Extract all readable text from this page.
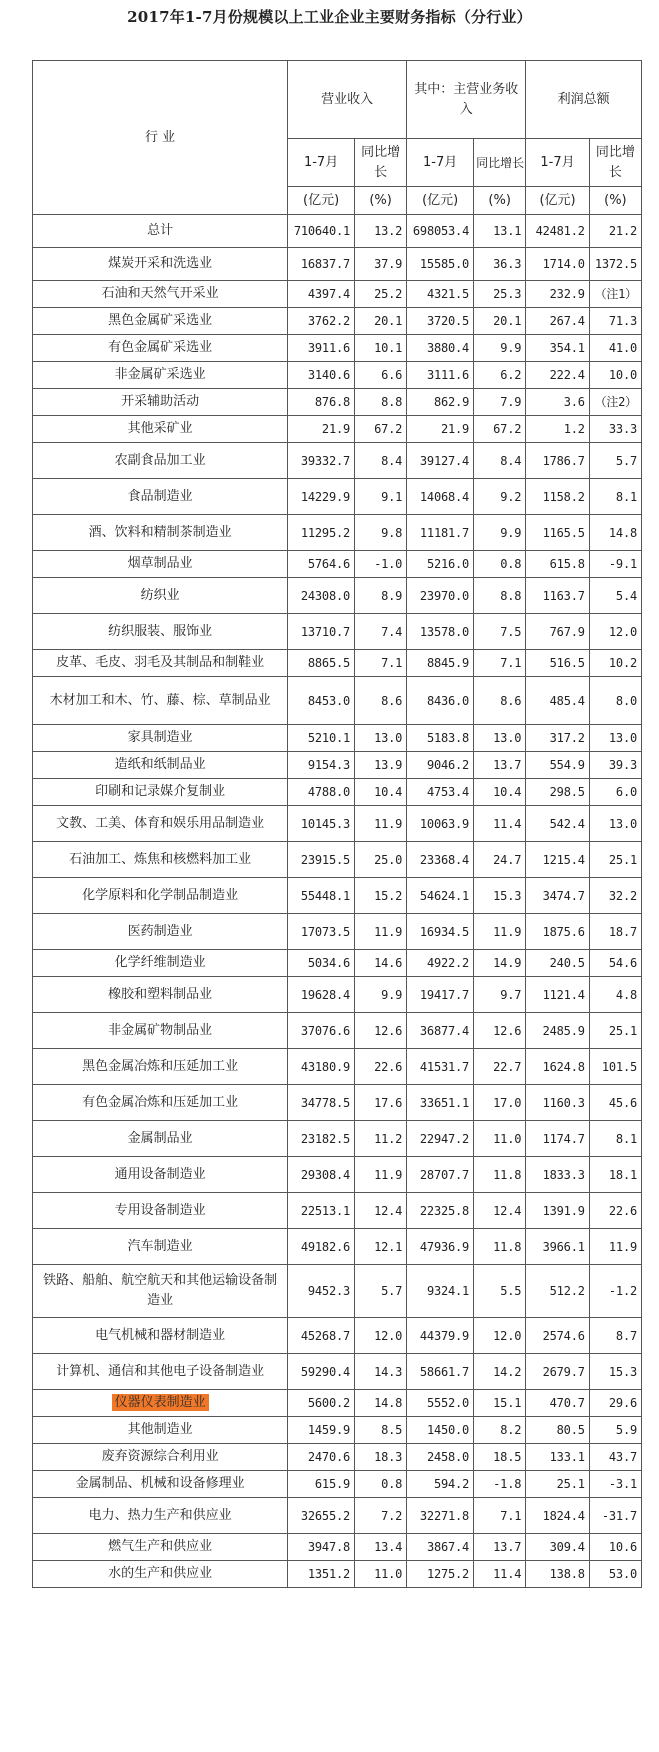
2017年1-7月份规模以上工业企业主要财务指标（分行业）
行 业	营业收入		其中：主营业务收入		利润总额	
	1-7月	同比增长	1-7月	同比增长	1-7月	同比增长
	(亿元)	(%)	(亿元)	(%)	(亿元)	(%)
总计	710640.1	13.2	698053.4	13.1	42481.2	21.2
煤炭开采和洗选业	16837.7	37.9	15585.0	36.3	1714.0	1372.5
石油和天然气开采业	4397.4	25.2	4321.5	25.3	232.9	（注1）
黑色金属矿采选业	3762.2	20.1	3720.5	20.1	267.4	71.3
有色金属矿采选业	3911.6	10.1	3880.4	9.9	354.1	41.0
非金属矿采选业	3140.6	6.6	3111.6	6.2	222.4	10.0
开采辅助活动	876.8	8.8	862.9	7.9	3.6	（注2）
其他采矿业	21.9	67.2	21.9	67.2	1.2	33.3
农副食品加工业	39332.7	8.4	39127.4	8.4	1786.7	5.7
食品制造业	14229.9	9.1	14068.4	9.2	1158.2	8.1
酒、饮料和精制茶制造业	11295.2	9.8	11181.7	9.9	1165.5	14.8
烟草制品业	5764.6	-1.0	5216.0	0.8	615.8	-9.1
纺织业	24308.0	8.9	23970.0	8.8	1163.7	5.4
纺织服装、服饰业	13710.7	7.4	13578.0	7.5	767.9	12.0
皮革、毛皮、羽毛及其制品和制鞋业	8865.5	7.1	8845.9	7.1	516.5	10.2
木材加工和木、竹、藤、棕、草制品业	8453.0	8.6	8436.0	8.6	485.4	8.0
家具制造业	5210.1	13.0	5183.8	13.0	317.2	13.0
造纸和纸制品业	9154.3	13.9	9046.2	13.7	554.9	39.3
印刷和记录媒介复制业	4788.0	10.4	4753.4	10.4	298.5	6.0
文教、工美、体育和娱乐用品制造业	10145.3	11.9	10063.9	11.4	542.4	13.0
石油加工、炼焦和核燃料加工业	23915.5	25.0	23368.4	24.7	1215.4	25.1
化学原料和化学制品制造业	55448.1	15.2	54624.1	15.3	3474.7	32.2
医药制造业	17073.5	11.9	16934.5	11.9	1875.6	18.7
化学纤维制造业	5034.6	14.6	4922.2	14.9	240.5	54.6
橡胶和塑料制品业	19628.4	9.9	19417.7	9.7	1121.4	4.8
非金属矿物制品业	37076.6	12.6	36877.4	12.6	2485.9	25.1
黑色金属冶炼和压延加工业	43180.9	22.6	41531.7	22.7	1624.8	101.5
有色金属冶炼和压延加工业	34778.5	17.6	33651.1	17.0	1160.3	45.6
金属制品业	23182.5	11.2	22947.2	11.0	1174.7	8.1
通用设备制造业	29308.4	11.9	28707.7	11.8	1833.3	18.1
专用设备制造业	22513.1	12.4	22325.8	12.4	1391.9	22.6
汽车制造业	49182.6	12.1	47936.9	11.8	3966.1	11.9
铁路、船舶、航空航天和其他运输设备制造业	9452.3	5.7	9324.1	5.5	512.2	-1.2
电气机械和器材制造业	45268.7	12.0	44379.9	12.0	2574.6	8.7
计算机、通信和其他电子设备制造业	59290.4	14.3	58661.7	14.2	2679.7	15.3
仪器仪表制造业	5600.2	14.8	5552.0	15.1	470.7	29.6
其他制造业	1459.9	8.5	1450.0	8.2	80.5	5.9
废弃资源综合利用业	2470.6	18.3	2458.0	18.5	133.1	43.7
金属制品、机械和设备修理业	615.9	0.8	594.2	-1.8	25.1	-3.1
电力、热力生产和供应业	32655.2	7.2	32271.8	7.1	1824.4	-31.7
燃气生产和供应业	3947.8	13.4	3867.4	13.7	309.4	10.6
水的生产和供应业	1351.2	11.0	1275.2	11.4	138.8	53.0
